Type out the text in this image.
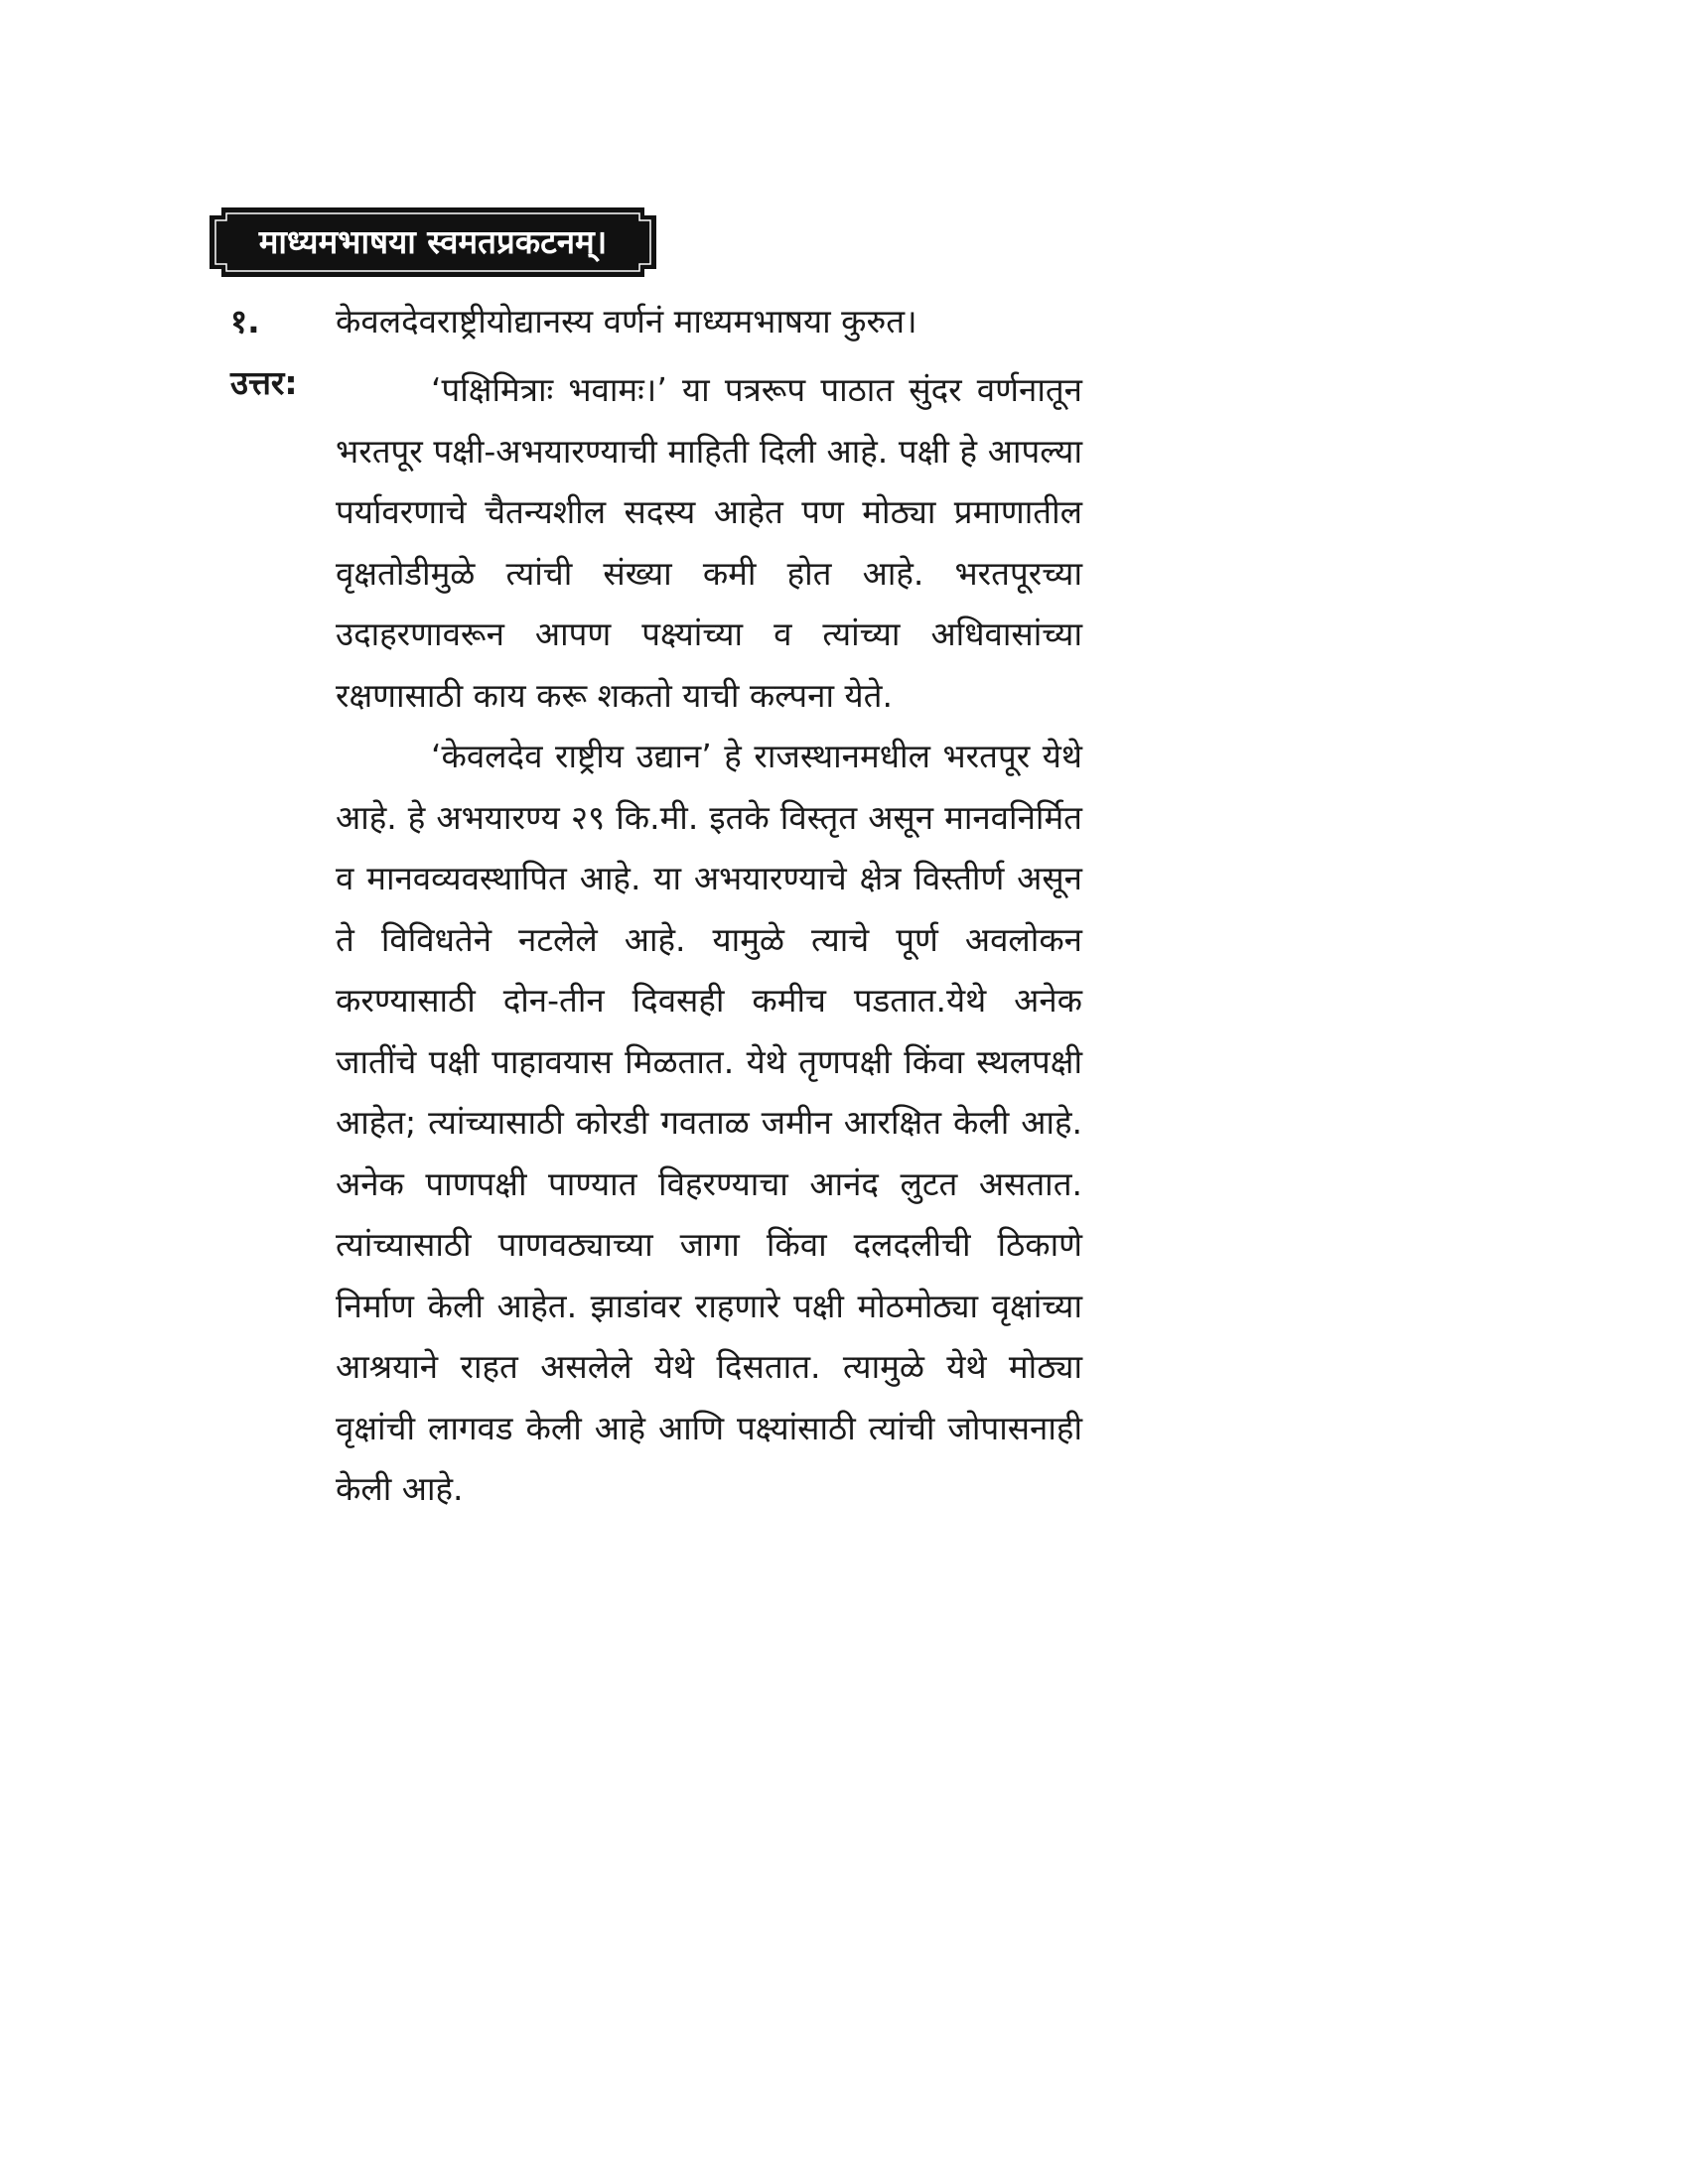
माध्यमभाषया स्वमतप्रकटनम्।
१. केवलदेवराष्ट्रीयोद्यानस्य वर्णनं माध्यमभाषया कुरुत।
उत्तर:	‘पक्षिमित्राः भवामः।’ या पत्ररूप पाठात सुंदर वर्णनातून भरतपूर पक्षी-अभयारण्याची माहिती दिली आहे. पक्षी हे आपल्या पर्यावरणाचे चैतन्यशील सदस्य आहेत पण मोठ्या प्रमाणातील वृक्षतोडीमुळे त्यांची संख्या कमी होत आहे. भरतपूरच्या उदाहरणावरून आपण पक्ष्यांच्या व त्यांच्या अधिवासांच्या रक्षणासाठी काय करू शकतो याची कल्पना येते.

‘केवलदेव राष्ट्रीय उद्यान’ हे राजस्थानमधील भरतपूर येथे आहे. हे अभयारण्य २९ कि.मी. इतके विस्तृत असून मानवनिर्मित व मानवव्यवस्थापित आहे. या अभयारण्याचे क्षेत्र विस्तीर्ण असून ते विविधतेने नटलेले आहे. यामुळे त्याचे पूर्ण अवलोकन करण्यासाठी दोन-तीन दिवसही कमीच पडतात.येथे अनेक जातींचे पक्षी पाहावयास मिळतात. येथे तृणपक्षी किंवा स्थलपक्षी आहेत; त्यांच्यासाठी कोरडी गवताळ जमीन आरक्षित केली आहे. अनेक पाणपक्षी पाण्यात विहरण्याचा आनंद लुटत असतात. त्यांच्यासाठी पाणवठ्याच्या जागा किंवा दलदलीची ठिकाणे निर्माण केली आहेत. झाडांवर राहणारे पक्षी मोठमोठ्या वृक्षांच्या आश्रयाने राहत असलेले येथे दिसतात. त्यामुळे येथे मोठ्या वृक्षांची लागवड केली आहे आणि पक्ष्यांसाठी त्यांची जोपासनाही केली आहे.
